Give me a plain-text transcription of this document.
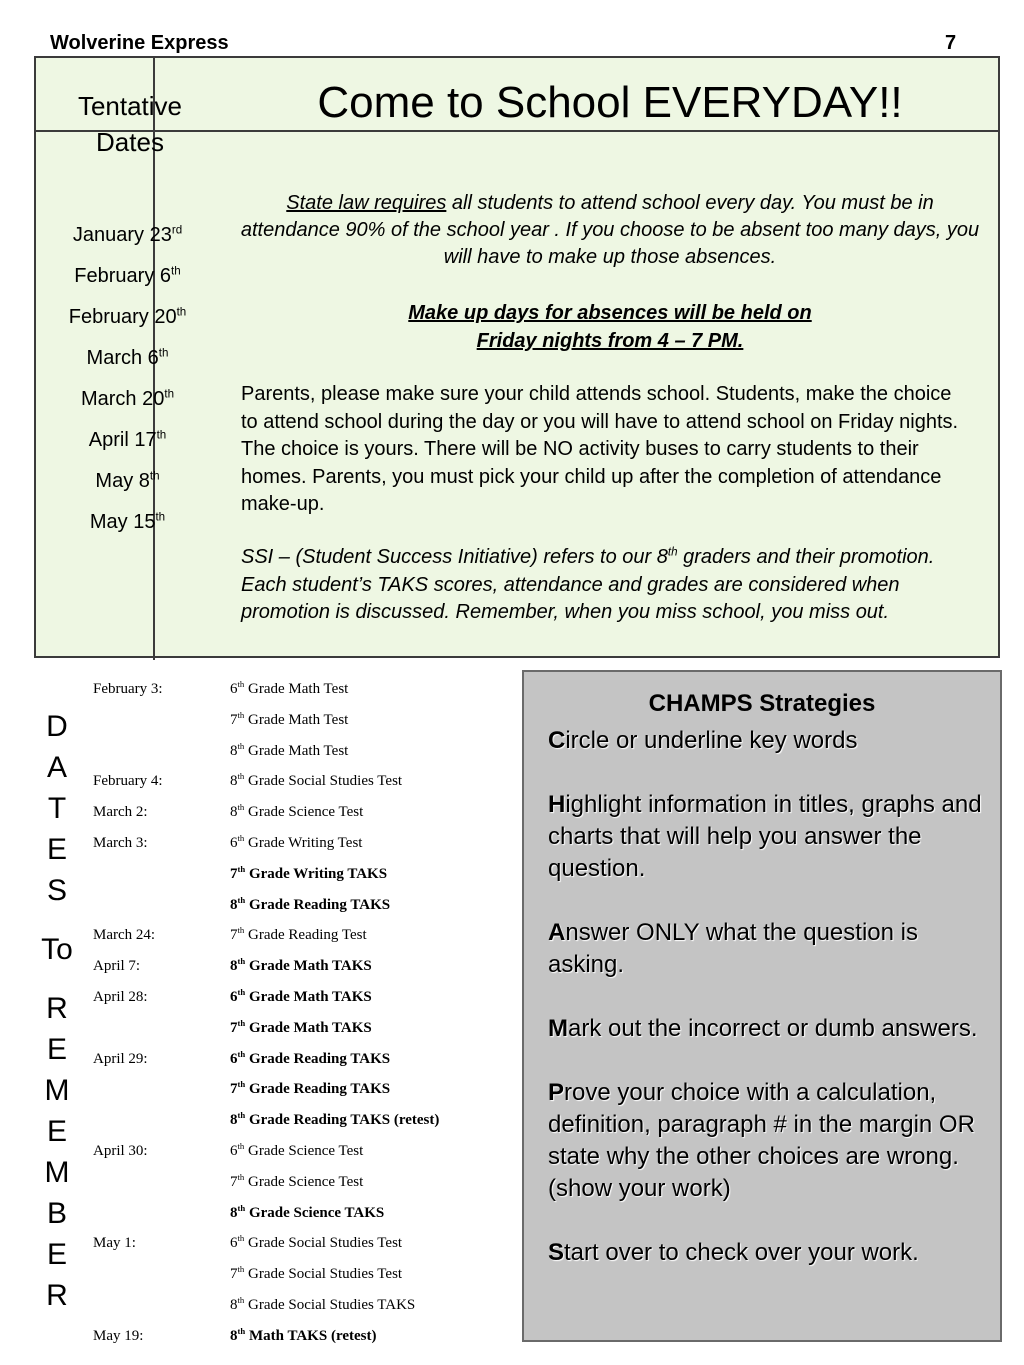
Wolverine Express	7
Tentative
Dates
January 23rd
February 6th
February 20th
March 6th
March 20th
April 17th
May 8th
May 15th
Come to School EVERYDAY!!
State law requires all students to attend school every day. You must be in attendance 90% of the school year . If you choose to be absent too many days, you will have to make up those absences.
Make up days for absences will be held on
Friday nights from 4 – 7 PM.
Parents, please make sure your child attends school. Students, make the choice to attend school during the day or you will have to attend school on Friday nights. The choice is yours. There will be NO activity buses to carry students to their homes. Parents, you must pick your child up after the completion of attendance make-up.
SSI – (Student Success Initiative) refers to our 8th graders and their promotion. Each student’s TAKS scores, attendance and grades are considered when promotion is discussed. Remember, when you miss school, you miss out.
D
A
T
E
S
To
R
E
M
E
M
B
E
R
February 3:	6th Grade Math Test
7th Grade Math Test
8th Grade Math Test
February 4:	8th Grade Social Studies Test
March 2:	8th Grade Science Test
March 3:	6th Grade Writing Test
7th Grade Writing TAKS
8th Grade Reading TAKS
March 24:	7th Grade Reading Test
April 7:	8th Grade Math TAKS
April 28:	6th Grade Math TAKS
7th Grade Math TAKS
April 29:	6th Grade Reading TAKS
7th Grade Reading TAKS
8th Grade Reading TAKS (retest)
April 30:	6th Grade Science Test
7th Grade Science Test
8th Grade Science TAKS
May 1:	6th Grade Social Studies Test
7th Grade Social Studies Test
8th Grade Social Studies TAKS
May 19:	8th Math TAKS (retest)
CHAMPS Strategies
Circle or underline key words
Highlight information in titles, graphs and charts that will help you answer the question.
Answer ONLY what the question is asking.
Mark out the incorrect or dumb answers.
Prove your choice with a calculation, definition, paragraph # in the margin OR state why the other choices are wrong. (show your work)
Start over to check over your work.
